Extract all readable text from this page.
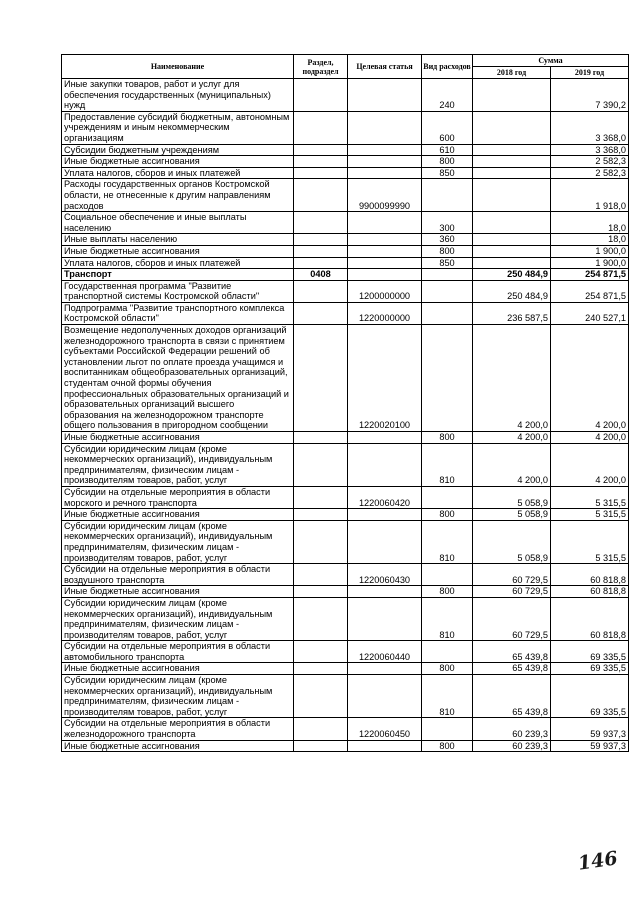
Наименование	Раздел, подраздел	Целевая статья	Вид расходов	Сумма	
				2018 год	2019 год
Иные закупки товаров, работ и услуг для обеспечения государственных (муниципальных) нужд			240		7 390,2
Предоставление субсидий бюджетным, автономным учреждениям и иным некоммерческим организациям			600		3 368,0
Субсидии бюджетным учреждениям			610		3 368,0
Иные бюджетные ассигнования			800		2 582,3
Уплата налогов, сборов и иных платежей			850		2 582,3
Расходы государственных органов Костромской области, не отнесенные к другим направлениям расходов		9900099990			1 918,0
Социальное обеспечение и иные выплаты населению			300		18,0
Иные выплаты населению			360		18,0
Иные бюджетные ассигнования			800		1 900,0
Уплата налогов, сборов и иных платежей			850		1 900,0
Транспорт	0408			250 484,9	254 871,5
Государственная программа "Развитие транспортной системы Костромской области"		1200000000		250 484,9	254 871,5
Подпрограмма "Развитие транспортного комплекса Костромской области"		1220000000		236 587,5	240 527,1
Возмещение недополученных доходов организаций железнодорожного транспорта в связи с принятием субъектами Российской Федерации решений об установлении льгот по оплате проезда учащимся и воспитанникам общеобразовательных организаций, студентам очной формы обучения профессиональных образовательных организаций и образовательных организаций высшего образования на железнодорожном транспорте общего пользования в пригородном сообщении		1220020100		4 200,0	4 200,0
Иные бюджетные ассигнования			800	4 200,0	4 200,0
Субсидии юридическим лицам (кроме некоммерческих организаций), индивидуальным предпринимателям, физическим лицам - производителям товаров, работ, услуг			810	4 200,0	4 200,0
Субсидии на отдельные мероприятия в области морского и речного транспорта		1220060420		5 058,9	5 315,5
Иные бюджетные ассигнования			800	5 058,9	5 315,5
Субсидии юридическим лицам (кроме некоммерческих организаций), индивидуальным предпринимателям, физическим лицам - производителям товаров, работ, услуг			810	5 058,9	5 315,5
Субсидии на отдельные мероприятия в области воздушного транспорта		1220060430		60 729,5	60 818,8
Иные бюджетные ассигнования			800	60 729,5	60 818,8
Субсидии юридическим лицам (кроме некоммерческих организаций), индивидуальным предпринимателям, физическим лицам - производителям товаров, работ, услуг			810	60 729,5	60 818,8
Субсидии на отдельные мероприятия в области автомобильного транспорта		1220060440		65 439,8	69 335,5
Иные бюджетные ассигнования			800	65 439,8	69 335,5
Субсидии юридическим лицам (кроме некоммерческих организаций), индивидуальным предпринимателям, физическим лицам - производителям товаров, работ, услуг			810	65 439,8	69 335,5
Субсидии на отдельные мероприятия в области железнодорожного транспорта		1220060450		60 239,3	59 937,3
Иные бюджетные ассигнования			800	60 239,3	59 937,3
146
